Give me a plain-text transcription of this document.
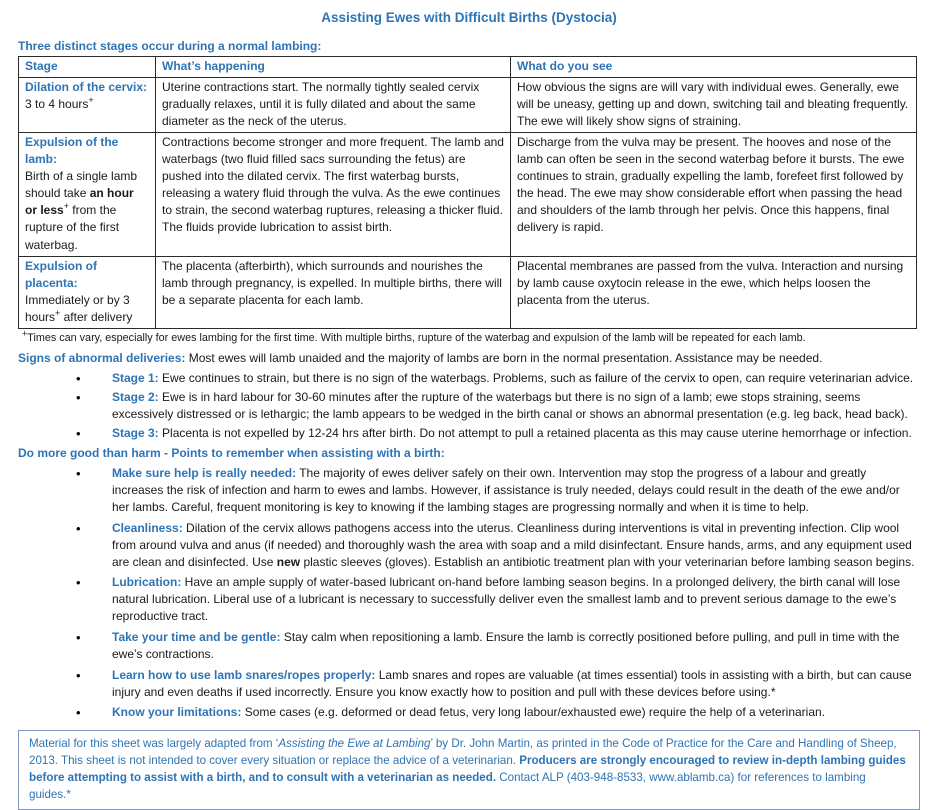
Assisting Ewes with Difficult Births (Dystocia)
Three distinct stages occur during a normal lambing:
Stage	What’s happening	What do you see

Dilation of the cervix:
3 to 4 hours+	Uterine contractions start. The normally tightly sealed cervix gradually relaxes, until it is fully dilated and about the same diameter as the neck of the uterus.	How obvious the signs are will vary with individual ewes. Generally, ewe will be uneasy, getting up and down, switching tail and bleating frequently. The ewe will likely show signs of straining.

Expulsion of the lamb:
Birth of a single lamb should take an hour or less+ from the rupture of the first waterbag.	Contractions become stronger and more frequent. The lamb and waterbags (two fluid filled sacs surrounding the fetus) are pushed into the dilated cervix. The first waterbag bursts, releasing a watery fluid through the vulva. As the ewe continues to strain, the second waterbag ruptures, releasing a thicker fluid. The fluids provide lubrication to assist birth.	Discharge from the vulva may be present. The hooves and nose of the lamb can often be seen in the second waterbag before it bursts. The ewe continues to strain, gradually expelling the lamb, forefeet first followed by the head. The ewe may show considerable effort when passing the head and shoulders of the lamb through her pelvis. Once this happens, final delivery is rapid.

Expulsion of placenta:
Immediately or by 3 hours+ after delivery	The placenta (afterbirth), which surrounds and nourishes the lamb through pregnancy, is expelled. In multiple births, there will be a separate placenta for each lamb.	Placental membranes are passed from the vulva. Interaction and nursing by lamb cause oxytocin release in the ewe, which helps loosen the placenta from the uterus.
+Times can vary, especially for ewes lambing for the first time. With multiple births, rupture of the waterbag and expulsion of the lamb will be repeated for each lamb.
Signs of abnormal deliveries: Most ewes will lamb unaided and the majority of lambs are born in the normal presentation. Assistance may be needed.
• Stage 1: Ewe continues to strain, but there is no sign of the waterbags. Problems, such as failure of the cervix to open, can require veterinarian advice.
• Stage 2: Ewe is in hard labour for 30-60 minutes after the rupture of the waterbags but there is no sign of a lamb; ewe stops straining, seems excessively distressed or is lethargic; the lamb appears to be wedged in the birth canal or shows an abnormal presentation (e.g. leg back, head back).
• Stage 3: Placenta is not expelled by 12-24 hrs after birth. Do not attempt to pull a retained placenta as this may cause uterine hemorrhage or infection.
Do more good than harm - Points to remember when assisting with a birth:
• Make sure help is really needed: The majority of ewes deliver safely on their own. Intervention may stop the progress of a labour and greatly increases the risk of infection and harm to ewes and lambs. However, if assistance is truly needed, delays could result in the death of the ewe and/or her lambs. Careful, frequent monitoring is key to knowing if the lambing stages are progressing normally and when it is time to help.
• Cleanliness: Dilation of the cervix allows pathogens access into the uterus. Cleanliness during interventions is vital in preventing infection. Clip wool from around vulva and anus (if needed) and thoroughly wash the area with soap and a mild disinfectant. Ensure hands, arms, and any equipment used are clean and disinfected. Use new plastic sleeves (gloves). Establish an antibiotic treatment plan with your veterinarian before lambing season begins.
• Lubrication: Have an ample supply of water-based lubricant on-hand before lambing season begins. In a prolonged delivery, the birth canal will lose natural lubrication. Liberal use of a lubricant is necessary to successfully deliver even the smallest lamb and to prevent serious damage to the ewe’s reproductive tract.
• Take your time and be gentle: Stay calm when repositioning a lamb. Ensure the lamb is correctly positioned before pulling, and pull in time with the ewe’s contractions.
• Learn how to use lamb snares/ropes properly: Lamb snares and ropes are valuable (at times essential) tools in assisting with a birth, but can cause injury and even deaths if used incorrectly. Ensure you know exactly how to position and pull with these devices before using.*
• Know your limitations: Some cases (e.g. deformed or dead fetus, very long labour/exhausted ewe) require the help of a veterinarian.
Material for this sheet was largely adapted from ‘Assisting the Ewe at Lambing’ by Dr. John Martin, as printed in the Code of Practice for the Care and Handling of Sheep, 2013. This sheet is not intended to cover every situation or replace the advice of a veterinarian. Producers are strongly encouraged to review in-depth lambing guides before attempting to assist with a birth, and to consult with a veterinarian as needed. Contact ALP (403-948-8533, www.ablamb.ca) for references to lambing guides.*
